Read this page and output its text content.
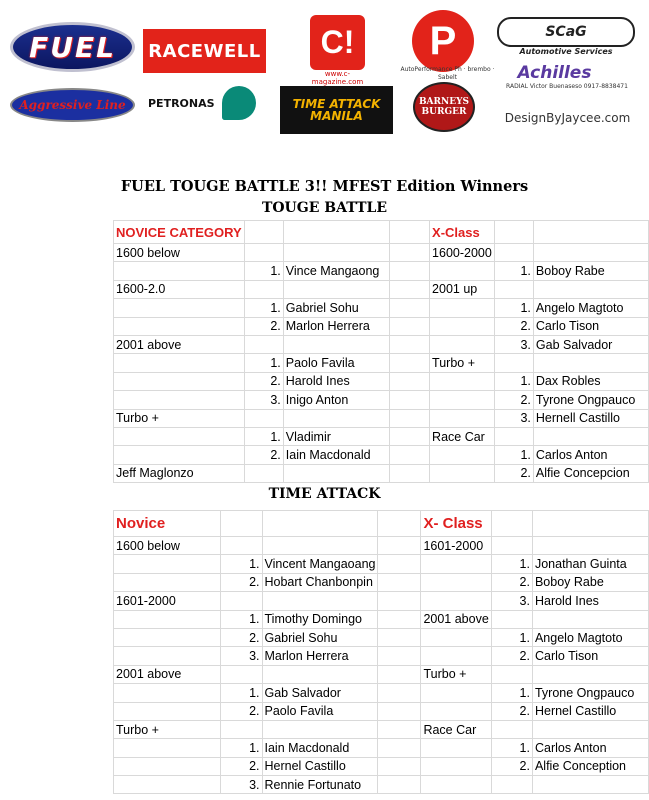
FUEL RACEWELL C!
www.c-magazine.com
P
AutoPerformance Ph · brembo · Sabelt
SCaG
Automotive Services
Aggressive Line PETRONAS	TIME ATTACK MANILA
BARNEYS BURGER
Achilles
RADIAL Victor Buenaseso 0917-8838471
DesignByJaycee.com
FUEL TOUGE BATTLE 3!! MFEST Edition Winners
TOUGE BATTLE
TIME ATTACK
NOVICE CATEGORY				X-Class		
1600 below				1600-2000		
	1.	Vince Mangaong			1.	Boboy Rabe
1600-2.0				2001 up		
	1.	Gabriel Sohu			1.	Angelo Magtoto
	2.	Marlon Herrera			2.	Carlo Tison
2001 above					3.	Gab Salvador
	1.	Paolo Favila		Turbo +		
	2.	Harold Ines			1.	Dax Robles
	3.	Inigo Anton			2.	Tyrone Ongpauco
Turbo +					3.	Hernell Castillo
	1.	Vladimir		Race Car		
	2.	Iain Macdonald			1.	Carlos Anton
Jeff Maglonzo					2.	Alfie Concepcion
Novice				X- Class		
1600 below				1601-2000		
	1.	Vincent Mangaoang			1.	Jonathan Guinta
	2.	Hobart Chanbonpin			2.	Boboy Rabe
1601-2000					3.	Harold Ines
	1.	Timothy Domingo		2001 above		
	2.	Gabriel Sohu			1.	Angelo Magtoto
	3.	Marlon Herrera			2.	Carlo Tison
2001 above				Turbo +		
	1.	Gab Salvador			1.	Tyrone Ongpauco
	2.	Paolo Favila			2.	Hernel Castillo
Turbo +				Race Car		
	1.	Iain Macdonald			1.	Carlos Anton
	2.	Hernel Castillo			2.	Alfie Conception
	3.	Rennie Fortunato				
